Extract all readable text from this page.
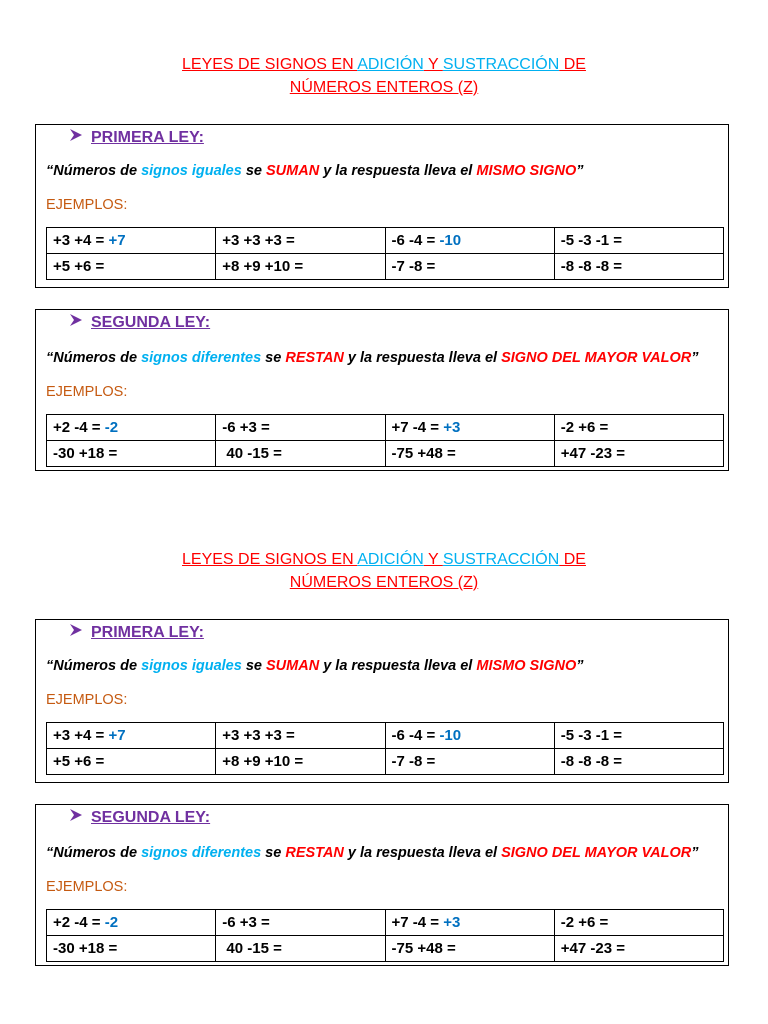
LEYES DE SIGNOS EN ADICIÓN Y SUSTRACCIÓN DE
NÚMEROS ENTEROS (Z)
PRIMERA LEY:
“Números de signos iguales se SUMAN y la respuesta lleva el MISMO SIGNO”
EJEMPLOS:
+3 +4 = +7	+3 +3 +3 =	-6 -4 = -10	-5 -3 -1 =
+5 +6 =	+8 +9 +10 =	-7 -8 =	-8 -8 -8 =
SEGUNDA LEY:
“Números de signos diferentes se RESTAN y la respuesta lleva el SIGNO DEL MAYOR VALOR”
EJEMPLOS:
+2 -4 = -2	-6 +3 =	+7 -4 = +3	-2 +6 =
-30 +18 =	40 -15 =	-75 +48 =	+47 -23 =
LEYES DE SIGNOS EN ADICIÓN Y SUSTRACCIÓN DE
NÚMEROS ENTEROS (Z)
PRIMERA LEY:
“Números de signos iguales se SUMAN y la respuesta lleva el MISMO SIGNO”
EJEMPLOS:
+3 +4 = +7	+3 +3 +3 =	-6 -4 = -10	-5 -3 -1 =
+5 +6 =	+8 +9 +10 =	-7 -8 =	-8 -8 -8 =
SEGUNDA LEY:
“Números de signos diferentes se RESTAN y la respuesta lleva el SIGNO DEL MAYOR VALOR”
EJEMPLOS:
+2 -4 = -2	-6 +3 =	+7 -4 = +3	-2 +6 =
-30 +18 =	40 -15 =	-75 +48 =	+47 -23 =
